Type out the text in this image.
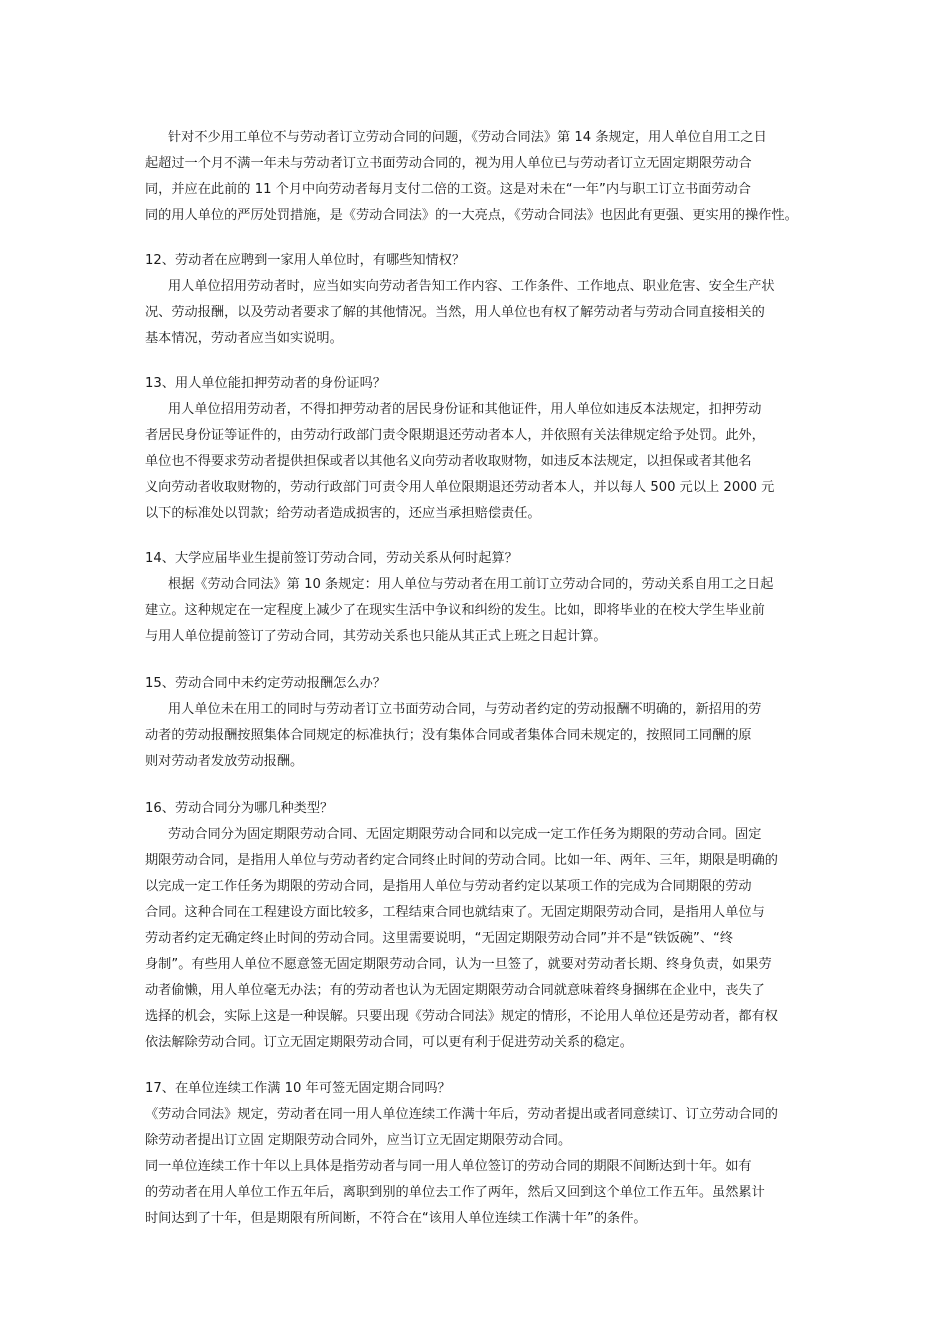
针对不少用工单位不与劳动者订立劳动合同的问题，《劳动合同法》第 14 条规定，用人单位自用工之日
起超过一个月不满一年未与劳动者订立书面劳动合同的，视为用人单位已与劳动者订立无固定期限劳动合
同，并应在此前的 11 个月中向劳动者每月支付二倍的工资。这是对未在“一年”内与职工订立书面劳动合
同的用人单位的严厉处罚措施，是《劳动合同法》的一大亮点，《劳动合同法》也因此有更强、更实用的操作性。
12、劳动者在应聘到一家用人单位时，有哪些知情权？
用人单位招用劳动者时，应当如实向劳动者告知工作内容、工作条件、工作地点、职业危害、安全生产状
况、劳动报酬，以及劳动者要求了解的其他情况。当然，用人单位也有权了解劳动者与劳动合同直接相关的
基本情况，劳动者应当如实说明。
13、用人单位能扣押劳动者的身份证吗？
用人单位招用劳动者，不得扣押劳动者的居民身份证和其他证件，用人单位如违反本法规定，扣押劳动
者居民身份证等证件的，由劳动行政部门责令限期退还劳动者本人，并依照有关法律规定给予处罚。此外，
单位也不得要求劳动者提供担保或者以其他名义向劳动者收取财物，如违反本法规定，以担保或者其他名
义向劳动者收取财物的，劳动行政部门可责令用人单位限期退还劳动者本人，并以每人 500 元以上 2000 元
以下的标准处以罚款；给劳动者造成损害的，还应当承担赔偿责任。
14、大学应届毕业生提前签订劳动合同，劳动关系从何时起算？
根据《劳动合同法》第 10 条规定：用人单位与劳动者在用工前订立劳动合同的，劳动关系自用工之日起
建立。这种规定在一定程度上减少了在现实生活中争议和纠纷的发生。比如，即将毕业的在校大学生毕业前
与用人单位提前签订了劳动合同，其劳动关系也只能从其正式上班之日起计算。
15、劳动合同中未约定劳动报酬怎么办？
用人单位未在用工的同时与劳动者订立书面劳动合同，与劳动者约定的劳动报酬不明确的，新招用的劳
动者的劳动报酬按照集体合同规定的标准执行；没有集体合同或者集体合同未规定的，按照同工同酬的原
则对劳动者发放劳动报酬。
16、劳动合同分为哪几种类型？
劳动合同分为固定期限劳动合同、无固定期限劳动合同和以完成一定工作任务为期限的劳动合同。固定
期限劳动合同，是指用人单位与劳动者约定合同终止时间的劳动合同。比如一年、两年、三年，期限是明确的
以完成一定工作任务为期限的劳动合同，是指用人单位与劳动者约定以某项工作的完成为合同期限的劳动
合同。这种合同在工程建设方面比较多，工程结束合同也就结束了。无固定期限劳动合同，是指用人单位与
劳动者约定无确定终止时间的劳动合同。这里需要说明，“无固定期限劳动合同”并不是“铁饭碗”、“终
身制”。有些用人单位不愿意签无固定期限劳动合同，认为一旦签了，就要对劳动者长期、终身负责，如果劳
动者偷懒，用人单位毫无办法；有的劳动者也认为无固定期限劳动合同就意味着终身捆绑在企业中，丧失了
选择的机会，实际上这是一种误解。只要出现《劳动合同法》规定的情形，不论用人单位还是劳动者，都有权
依法解除劳动合同。订立无固定期限劳动合同，可以更有利于促进劳动关系的稳定。
17、在单位连续工作满 10 年可签无固定期合同吗？
《劳动合同法》规定，劳动者在同一用人单位连续工作满十年后，劳动者提出或者同意续订、订立劳动合同的
除劳动者提出订立固 定期限劳动合同外，应当订立无固定期限劳动合同。
同一单位连续工作十年以上具体是指劳动者与同一用人单位签订的劳动合同的期限不间断达到十年。如有
的劳动者在用人单位工作五年后，离职到别的单位去工作了两年，然后又回到这个单位工作五年。虽然累计
时间达到了十年，但是期限有所间断，不符合在“该用人单位连续工作满十年”的条件。
